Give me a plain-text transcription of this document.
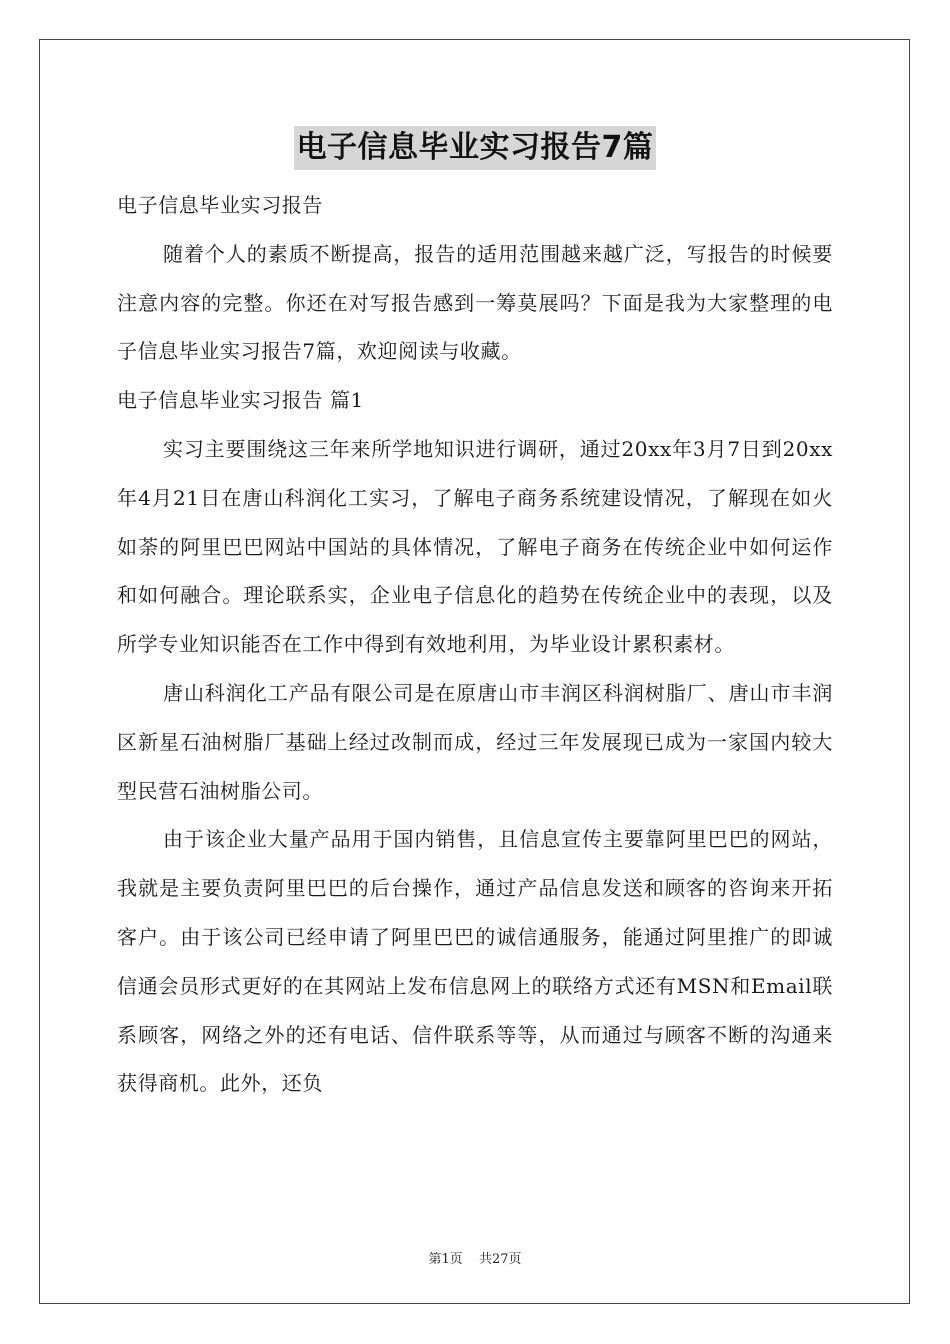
电子信息毕业实习报告7篇

电子信息毕业实习报告

随着个人的素质不断提高，报告的适用范围越来越广泛，写报告的时候要注意内容的完整。你还在对写报告感到一筹莫展吗？下面是我为大家整理的电子信息毕业实习报告7篇，欢迎阅读与收藏。

电子信息毕业实习报告 篇1

实习主要围绕这三年来所学地知识进行调研，通过20xx年3月7日到20xx年4月21日在唐山科润化工实习，了解电子商务系统建设情况，了解现在如火如荼的阿里巴巴网站中国站的具体情况，了解电子商务在传统企业中如何运作和如何融合。理论联系实，企业电子信息化的趋势在传统企业中的表现，以及所学专业知识能否在工作中得到有效地利用，为毕业设计累积素材。

唐山科润化工产品有限公司是在原唐山市丰润区科润树脂厂、唐山市丰润区新星石油树脂厂基础上经过改制而成，经过三年发展现已成为一家国内较大型民营石油树脂公司。

由于该企业大量产品用于国内销售，且信息宣传主要靠阿里巴巴的网站，我就是主要负责阿里巴巴的后台操作，通过产品信息发送和顾客的咨询来开拓客户。由于该公司已经申请了阿里巴巴的诚信通服务，能通过阿里推广的即诚信通会员形式更好的在其网站上发布信息网上的联络方式还有MSN和Email联系顾客，网络之外的还有电话、信件联系等等，从而通过与顾客不断的沟通来获得商机。此外，还负

第1页 共27页
